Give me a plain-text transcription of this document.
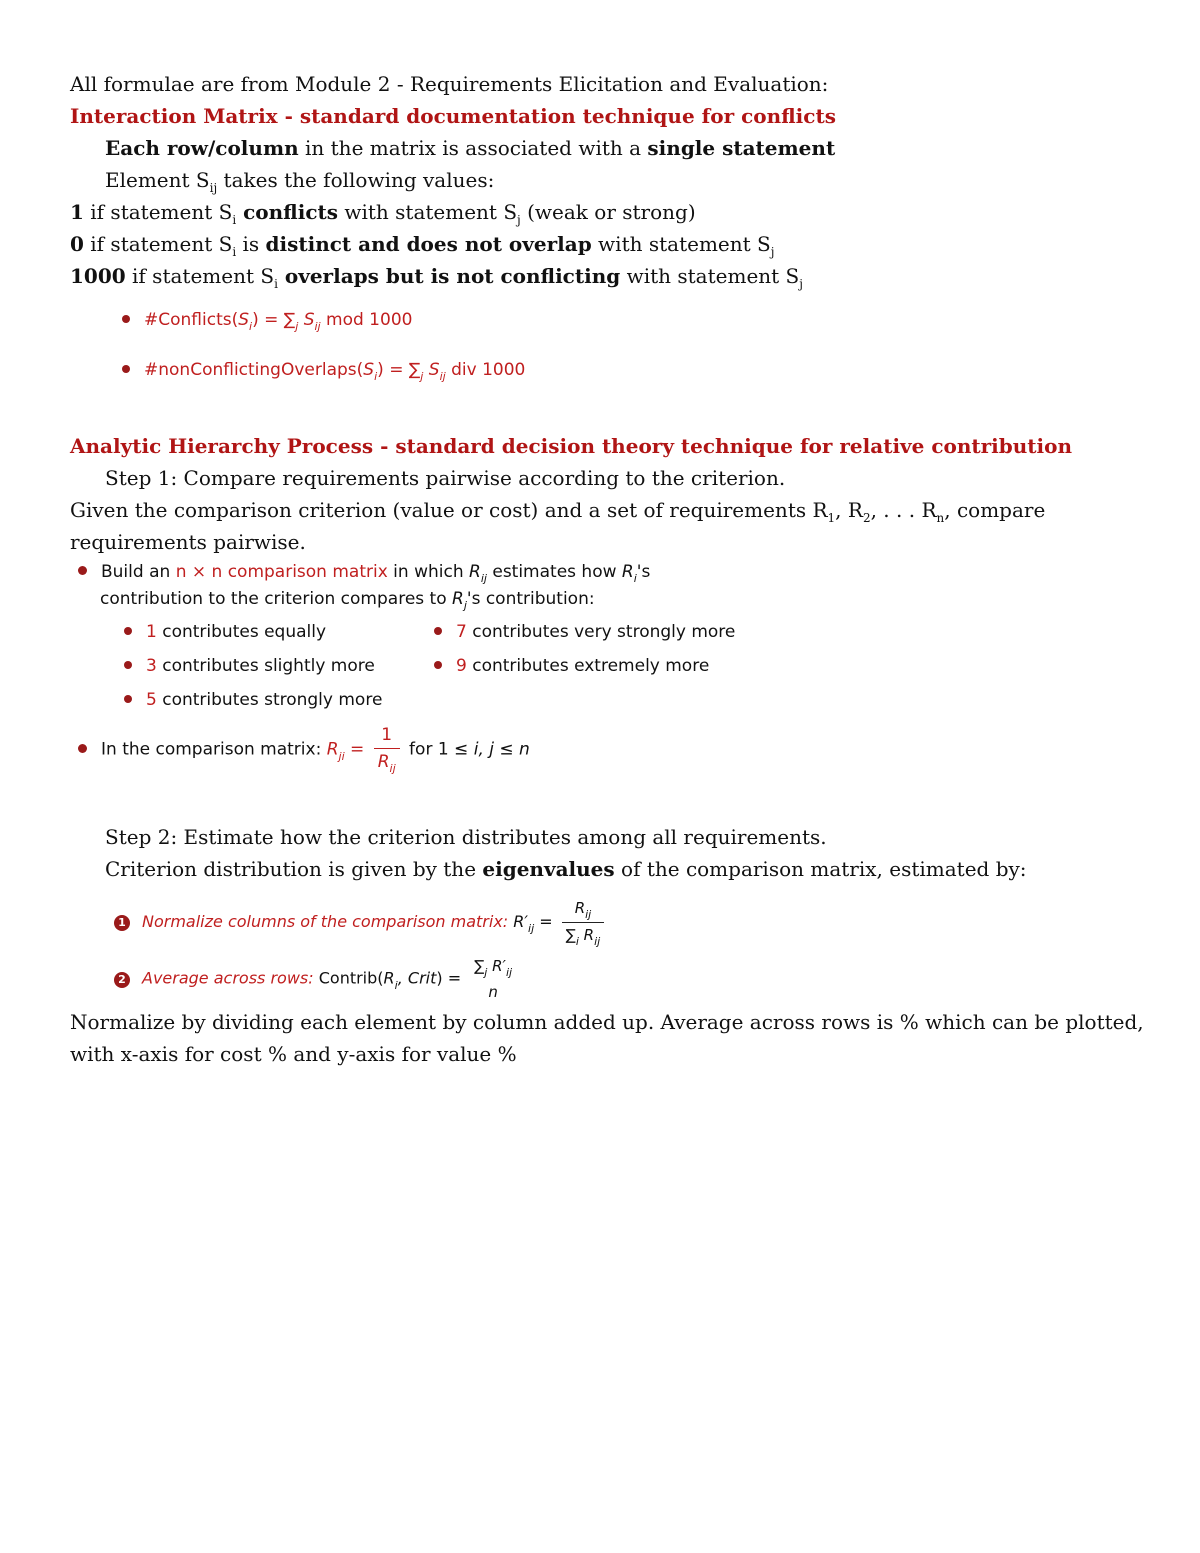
All formulae are from Module 2 - Requirements Elicitation and Evaluation:
Interaction Matrix - standard documentation technique for conflicts
Each row/column in the matrix is associated with a single statement
Element $S_{ij}$ takes the following values:
1 if statement $S_i$ conflicts with statement $S_j$ (weak or strong)
0 if statement $S_i$ is distinct and does not overlap with statement $S_j$
1000 if statement $S_i$ overlaps but is not conflicting with statement $S_j$
$\#Conflicts(S_i) = \sum_j$ $S_{ij}$ mod 1000
$\#nonConflictingOverlaps(S_i) = \sum_j$ $S_{ij}$ div 1000
Analytic Hierarchy Process - standard decision theory technique for relative contribution
Step 1: Compare requirements pairwise according to the criterion.
Given the comparison criterion (value or cost) and a set of requirements $R_1$, $R_2$, . . . $R_n$, compare
requirements pairwise.
Build an n × n comparison matrix in which $R_{ij}$ estimates how $R_i's$
contribution to the criterion compares to $R_j's$ contribution:
1 contributes equally
3 contributes slightly more
5 contributes strongly more
7 contributes very strongly more
9 contributes extremely more
In the comparison matrix: $R_{ji} = \frac{1}{R_{ij}}$ for 1 ≤ i, j ≤ n
Step 2: Estimate how the criterion distributes among all requirements.
Criterion distribution is given by the eigenvalues of the comparison matrix, estimated by:
1 Normalize columns of the comparison matrix: $R'_{ij} = \frac{R_{ij}}{\sum_i R_{ij}}$
2 Average across rows: $Contrib(R_i$, Crit) =
$\sum_j$ $R'_{ij}$
n
Normalize by dividing each element by column added up. Average across rows is % which can be plotted,
with x-axis for cost % and y-axis for value %
